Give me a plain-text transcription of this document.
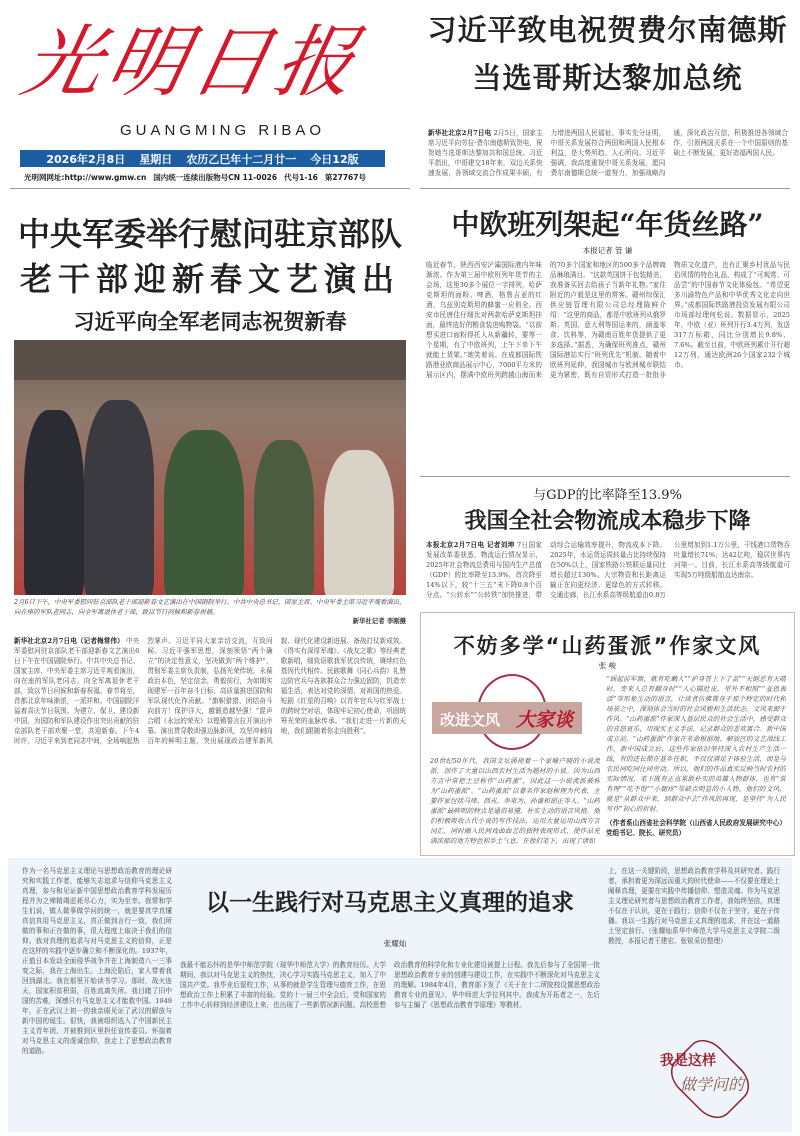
光明日报
GUANGMING RIBAO
2026年2月8日 星期日 农历乙巳年十二月廿一 今日12版
光明网网址:http://www.gmw.cn 国内统一连续出版物号CN 11-0026 代号1-16 第27767号
习近平致电祝贺费尔南德斯
当选哥斯达黎加总统
新华社北京2月7日电 2月5日，国家主席习近平向劳拉·费尔南德斯致贺电，祝贺她当选哥斯达黎加共和国总统。习近平指出，中哥建交18年来，双边关系快速发展，各领域交流合作成果丰硕，有力增进两国人民福祉。事实充分证明，中哥关系发展符合两国和两国人民根本利益，是大势所趋、人心所向。习近平强调，我高度重视中哥关系发展，愿同费尔南德斯总统一道努力，加强战略沟通，深化政治互信，积极推进各领域合作，引领两国关系在一个中国原则的基础上不断发展，更好造福两国人民。
中欧班列架起“年货丝路”
本报记者 管 谦
临近春节，陕西西安浐灞国际港内年味渐浓。作为第三届中欧班列年货节的主会场，这里30多个展位一字排列，哈萨克斯坦的面粉、啤酒，格鲁吉亚的红酒，乌兹别克斯坦的蜂蜜一应俱全。西安市民唐佳仔细比对两款哈萨克斯坦挂面，最终选好的粮食装进购物袋。“以前想买进口面粉得托人从新疆转，要等一个星期，有了中欧班列，上午下单下午就能上货架。”她笑着说。在成都国际铁路港亚欧商品展示中心，7000平方米的展示区内，摆满中欧班列跨越山海而来的70多个国家和地区的500多个品牌商品琳琅满目。“这款英国饼干包装精美，我准备买回去给孩子当新年礼物。”家住附近的卢毅是这里的常客。赣州综保汇供应链管理有限公司总经理陈鲜介绍：“这里的商品，都是中欧班列从俄罗斯、英国、意大利等国运来的，涵盖零食、饮料等，为赣南百姓年货提供了更多选择。”据悉，为确保班列准点，赣州国际港站实行“班列优先”机制。随着中欧班列延伸，我国城市与欧洲城市联结更为紧密，既有自贸形式打造一批批非物质文化遗产，也有汇聚乡村优品与民俗风情的特色礼品，构成了“可观赏、可品尝”的中国春节文化体验包。“希望更多川渝特色产品和中华优秀文化走向世界。”成都国际铁路港投资发展有限公司市场部经理何松说。数据显示，2025年，中欧（亚）班列开行3.4万列，发送317万标箱，同比分别增长9.8%、7.6%。截至目前，中欧班列累计开行超12万列，通达欧洲26个国家232个城市。
与GDP的比率降至13.9%
我国全社会物流成本稳步下降
本报北京2月7日电 记者刘坤 7日国家发展改革委获悉，物流运行情况显示，2025年社会物流总费用与国内生产总值（GDP）的比率降至13.9%，首次降至14%以下，较“十三五”末下降0.8个百分点。“公转水”“公转铁”加快推进，带动综合运输效率提升，物流成本下降。2025年，水运货运周转量占比持续保持在50%以上，国家铁路公铁联运量同比增长超过130%。大宗物资和长距离运输正在向更经济、更绿色的方式转移。交通走廊，长江水系高等级航道由0.8万公里增加到1.1万公里，干线港口货物吞吐量增长71%，达42亿吨，稳居世界内河第一。目前，长江水系高等级航道可实现5万吨级船舶直达南京。
中央军委举行慰问驻京部队
老干部迎新春文艺演出
习近平向全军老同志祝贺新春
2月6日下午，中央军委慰问驻京部队老干部迎新春文艺演出在中国剧院举行。中共中央总书记、国家主席、中央军委主席习近平观看演出，向在座的军队老同志，向全军离退休老干部，致以节日问候和新春祝福。
新华社记者 李刚摄
新华社北京2月7日电（记者梅常伟） 中央军委慰问驻京部队老干部迎新春文艺演出6日下午在中国剧院举行。中共中央总书记、国家主席、中央军委主席习近平观看演出，向在座的军队老同志，向全军离退休老干部，致以节日问候和新春祝福。春节将至，首都北京年味渐浓，一派祥和。中国剧院洋溢着喜庆节日氛围。为建立、保卫、建设新中国，为国防和军队建设作出突出贡献的驻京部队老干部欢聚一堂，共迎新春。下午4时许，习近平来到老同志中间，全场响起热烈掌声。习近平同大家亲切交流，互致问候。习近平强军思想，深刻领悟“两个确立”的决定性意义，坚决做到“两个维护”，贯彻军委主席负责制，弘扬光荣传统，永葆政治本色，坚定信念，勇毅前行，为如期实现建军一百年奋斗目标、高质量推进国防和军队现代化作贡献。“旗帜猎猎，团结奋斗向前方！保护洋大，越锻造越坚强！”混声合唱《永远的荣光》以铿锵誓言拉开演出序幕。演出贯穿敬训强边脉新风，攻坚冲刺向百年的鲜明主题，突出展现政治建军新风貌、现代化建设新进展、备战打仗新成效。《得实有深厚军魂》、《战友之歌》等经典老歌新唱，细致讴歌我军优良传统，赓续红色基因代代相传。民族歌舞《同心兵韵》礼赞边防官兵与各族群众合力强边固防，饥造幸福生活，表达对党的深情、对祖国的热爱。短剧《红星的召唤》以青年官兵与红军战士的跨时空对话，体现牢记初心使命，巩固统筹光荣的血脉传承。“我们走进一片新的天地，我们跟随着你走向胜利”。
不妨多学“山药蛋派”作家文风
张 峻
改进文风 大家谈
20世纪50年代，我国文坛涌现着一个家喻户晓的小说流派，创作了大量以山西农村生活为题材的小说。因为山西方言中常把土豆称作“山药蛋”，因此这一小说流派被称为“山药蛋派”。“山药蛋派”以著名作家赵树理为代表，主要作家包括马烽、西戎、李束为、孙谦和胡正等人。“山药蛋派”最鲜明的特点是通俗易懂，朴实生动的语言风格。他们积极吸收古代小说的写作技法，运用大量运用山西方言词汇，同时融入民间戏曲曲艺的独特表现形式，使作品充满浓郁的地方特色和乡土气息。在他们笔下，出现了诸如
“锅起前军旗，就有吃嫩人”“护身答上下了盖”“天倒恶有天晴时，变来人总有翻身时”“人心隔肚皮，里外不相照”“羞恩表活”等形象生动的语言，让读者仿佛置身于那个特定的时代和场景之中，深刻体会当时的社会风貌和生活状态。文风来源于作风。“山药蛋派”作家深入基层民众的社会生活中，感受群众的喜怒哀乐，用现实主义手法，记录群众的悲欢离合。新中国成立前，“山药蛋派”作家在革命根据地、解放区的文艺战线工作。新中国成立后，这些作家依旧坚持深入农村生产生活一线，有的还长期在基乡任职，不仅仅满足于体验生活，而是与农民同吃同住同劳动。所以，他们的作品真实反映当时农村的实际情况，笔下既有正直果敢朴实的英雄人物群体，也有“常有理”“吃不饱”“小腿疼”等缺点明显的小人物。他们的文风，就是“从群众中来，到群众中去”作风的再现，是坚持“为人民写作”初心的折射。
（作者系山西省社会科学院（山西省人民政府发展研究中心）党组书记、院长、研究员）
以一生践行对马克思主义真理的追求
张耀灿
作为一名马克思主义理论与思想政治教育的理论研究和实践工作者，能够矢志追求与信仰马克思主义真理，参与和见证新中国思想政治教育学科发展历程并为之殚精竭虑耗尽心力，实为至幸。我常和学生们说，做人做事做学问的统一，就是要真学真懂真信真用马克思主义，真正做到言行一致，我们所做的事和正在做的事，很大程度上取决于我们的信仰。我对真理的追求与对马克思主义的信仰，正是在这样的实践中逐步确立和不断深化的。1937年，正值日本发动全面侵华战争并在上海制造八一三事变之际，我在上海出生。上海沦陷后，家人带着我回到湖北。我在那里开始读书学习。那时，战火连天，国家积贫积弱，百姓流离失所。我目睹了旧中国的苦难，深感只有马克思主义才能救中国。1949年，正在武汉上初一的我亲眼见证了武汉的解放与新中国的诞生。很快，我被组织选入了中国新民主主义青年团，并被推到区里担任宣传委员。怀揣着对马克思主义的虔诚信仰，我走上了思想政治教育的道路。
我最不能忘怀的是华中师范学院（现华中师范大学）的教育经历。大学期间，我以对马克思主义的热忱，决心学习实践马克思主义，加入了中国共产党。我毕业后留校工作，从事的就是学生管理与德育工作，在思想政治工作上积累了丰富的经验。党的十一届三中全会后，党和国家的工作中心转移到经济建设上来，也出现了一些新情况新问题。高校思想政治教育的科学化和专业化建设被提上日程。我先后参与了全国第一批思想政治教育专业的创建与建设工作，在实践中不断深化对马克思主义的理解。1984年4月，教育部下发了《关于在十二所院校设置思想政治教育专业的意见》，华中师范大学位列其中。我成为开拓者之一，先后参与主编了《思想政治教育学原理》等教材。
上，在这一关键阶段，思想政治教育学科及其研究者、践行者，承担着更为深远而重大的时代使命——不仅要在理论上阐释真理，更要在实践中传播信仰、塑造灵魂。作为马克思主义理论研究者与思想政治教育工作者，我始终坚信，真理不仅在于认识，更在于践行；信仰不仅在于坚守，更在于传播。我以一生践行对马克思主义真理的追求，并在这一道路上坚定前行。（张耀灿系华中师范大学马克思主义学院二级教授，本报记者王建宏、张锐采访整理）
我是这样
做学问的
